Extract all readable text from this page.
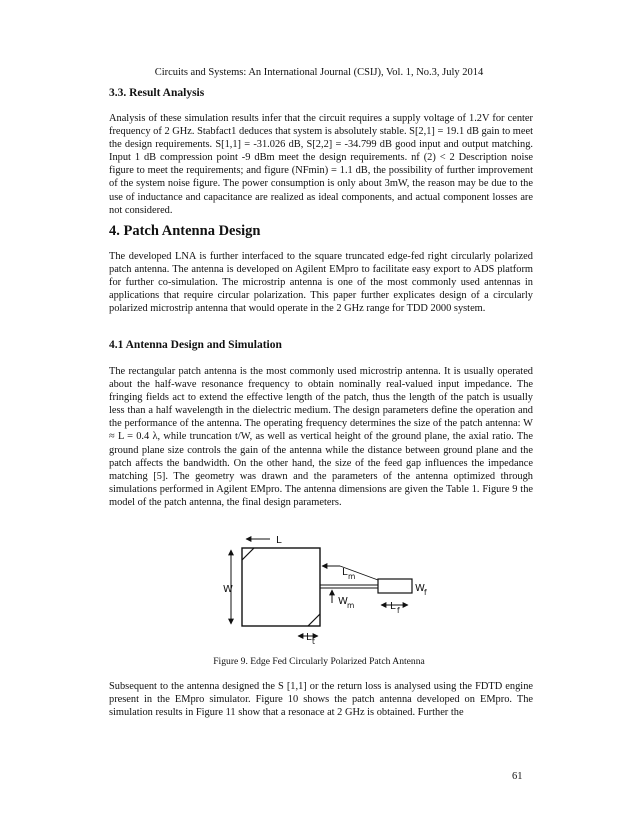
Circuits and Systems: An International Journal (CSIJ), Vol. 1, No.3, July 2014
3.3. Result Analysis

Analysis of these simulation results infer that the circuit requires a supply voltage of 1.2V for center frequency of 2 GHz. Stabfact1 deduces that system is absolutely stable. S[2,1] = 19.1 dB gain to meet the design requirements. S[1,1] = -31.026 dB, S[2,2] = -34.799 dB good input and output matching. Input 1 dB compression point -9 dBm meet the design requirements. nf (2) < 2 Description noise figure to meet the requirements; and figure (NFmin) = 1.1 dB, the possibility of further improvement of the system noise figure. The power consumption is only about 3mW, the reason may be due to the use of inductance and capacitance are realized as ideal components, and actual component losses are not considered.

4. Patch Antenna Design

The developed LNA is further interfaced to the square truncated edge-fed right circularly polarized patch antenna. The antenna is developed on Agilent EMpro to facilitate easy export to ADS platform for further co-simulation. The microstrip antenna is one of the most commonly used antennas in applications that require circular polarization. This paper further explicates design of a circularly polarized microstrip antenna that would operate in the 2 GHz range for TDD 2000 system.

4.1 Antenna Design and Simulation

The rectangular patch antenna is the most commonly used microstrip antenna. It is usually operated about the half-wave resonance frequency to obtain nominally real-valued input impedance. The fringing fields act to extend the effective length of the patch, thus the length of the patch is usually less than a half wavelength in the dielectric medium. The design parameters define the operation and the performance of the antenna. The operating frequency determines the size of the patch antenna: W ≈ L = 0.4 λ, while truncation t/W, as well as vertical height of the ground plane, the axial ratio. The ground plane size controls the gain of the antenna while the distance between ground plane and the patch affects the bandwidth. On the other hand, the size of the feed gap influences the impedance matching [5]. The geometry was drawn and the parameters of the antenna optimized through simulations performed in Agilent EMpro. The antenna dimensions are given the Table 1. Figure 9 the model of the patch antenna, the final design parameters.

L
W
L m
W m
W f
L f
L t
Figure 9. Edge Fed Circularly Polarized Patch Antenna

Subsequent to the antenna designed the S [1,1] or the return loss is analysed using the FDTD engine present in the EMpro simulator. Figure 10 shows the patch antenna developed on EMpro. The simulation results in Figure 11 show that a resonace at 2 GHz is obtained. Further the

61
